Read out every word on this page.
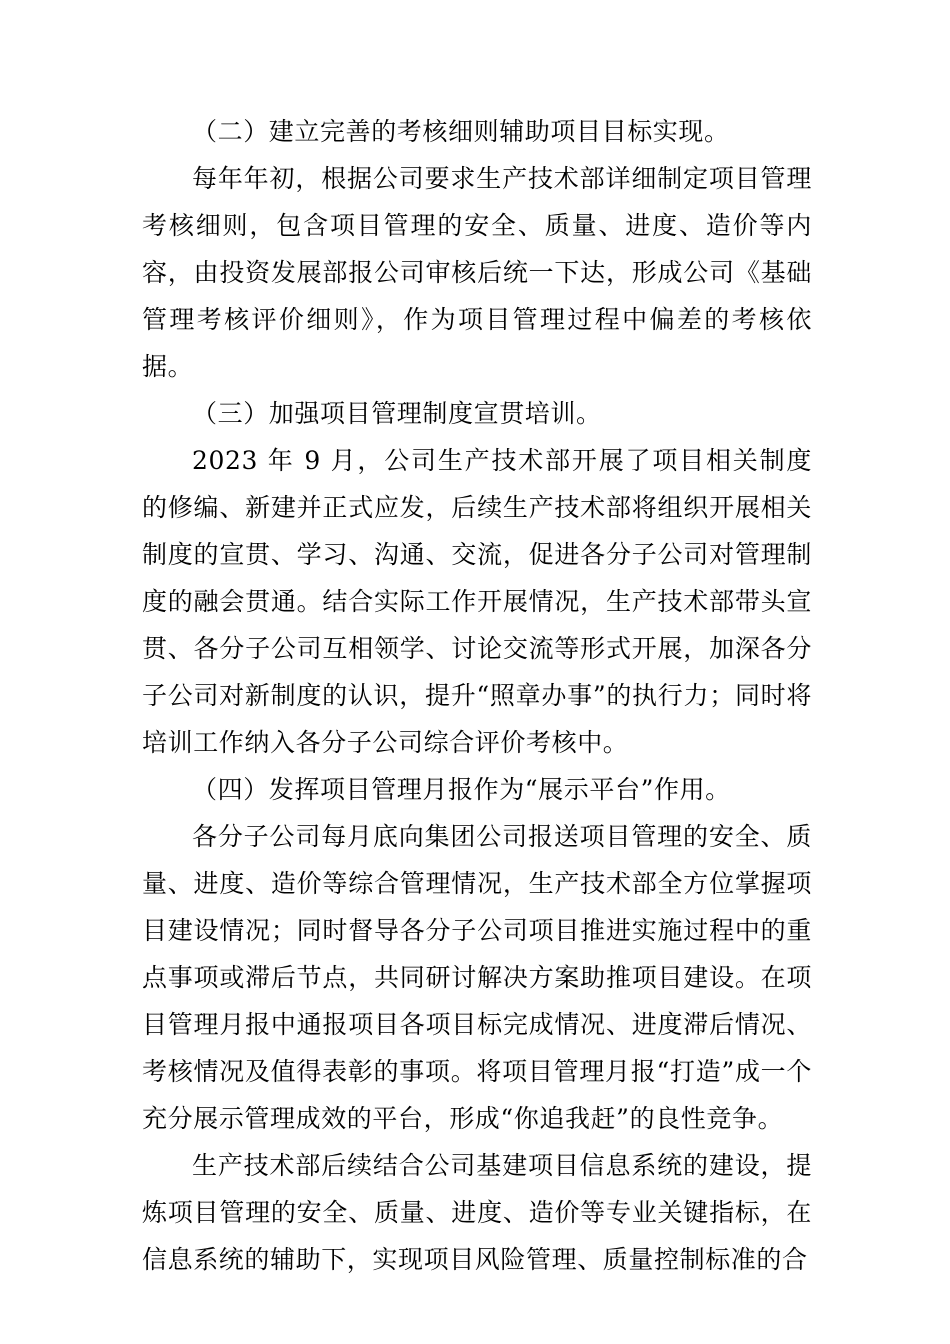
（二）建立完善的考核细则辅助项目目标实现。

每年年初，根据公司要求生产技术部详细制定项目管理考核细则，包含项目管理的安全、质量、进度、造价等内容，由投资发展部报公司审核后统一下达，形成公司《基础管理考核评价细则》，作为项目管理过程中偏差的考核依据。

（三）加强项目管理制度宣贯培训。

2023 年 9 月，公司生产技术部开展了项目相关制度的修编、新建并正式应发，后续生产技术部将组织开展相关制度的宣贯、学习、沟通、交流，促进各分子公司对管理制度的融会贯通。结合实际工作开展情况，生产技术部带头宣贯、各分子公司互相领学、讨论交流等形式开展，加深各分子公司对新制度的认识，提升“照章办事”的执行力；同时将培训工作纳入各分子公司综合评价考核中。

（四）发挥项目管理月报作为“展示平台”作用。

各分子公司每月底向集团公司报送项目管理的安全、质量、进度、造价等综合管理情况，生产技术部全方位掌握项目建设情况；同时督导各分子公司项目推进实施过程中的重点事项或滞后节点，共同研讨解决方案助推项目建设。在项目管理月报中通报项目各项目标完成情况、进度滞后情况、考核情况及值得表彰的事项。将项目管理月报“打造”成一个充分展示管理成效的平台，形成“你追我赶”的良性竞争。

生产技术部后续结合公司基建项目信息系统的建设，提炼项目管理的安全、质量、进度、造价等专业关键指标，在信息系统的辅助下，实现项目风险管理、质量控制标准的合
